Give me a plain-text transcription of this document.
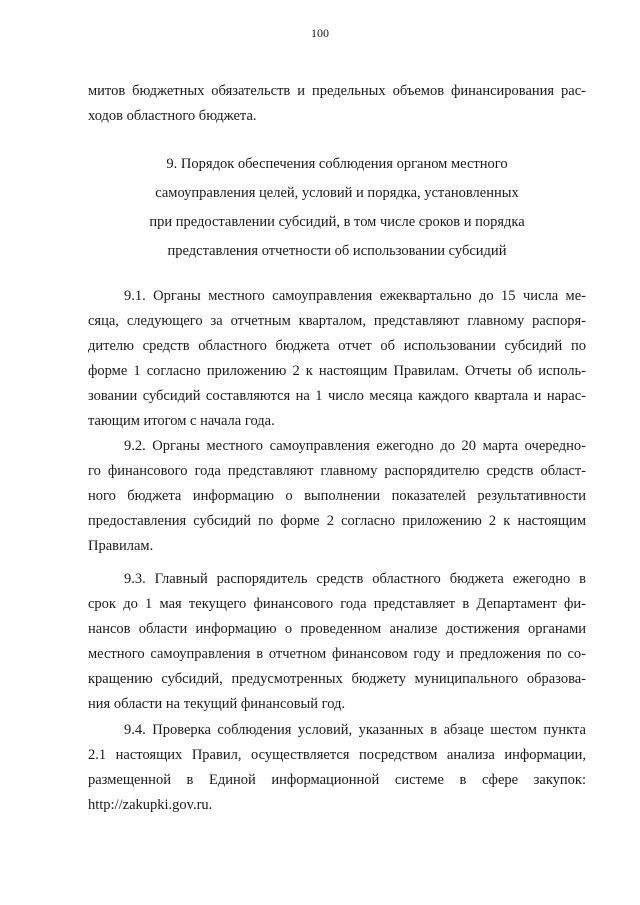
100
митов бюджетных обязательств и предельных объемов финансирования рас-
ходов областного бюджета.
9. Порядок обеспечения соблюдения органом местного
самоуправления целей, условий и порядка, установленных
при предоставлении субсидий, в том числе сроков и порядка
представления отчетности об использовании субсидий
9.1. Органы местного самоуправления ежеквартально до 15 числа ме-
сяца, следующего за отчетным кварталом, представляют главному распоря-
дителю средств областного бюджета отчет об использовании субсидий по
форме 1 согласно приложению 2 к настоящим Правилам. Отчеты об исполь-
зовании субсидий составляются на 1 число месяца каждого квартала и нарас-
тающим итогом с начала года.
9.2. Органы местного самоуправления ежегодно до 20 марта очередно-
го финансового года представляют главному распорядителю средств област-
ного бюджета информацию о выполнении показателей результативности
предоставления субсидий по форме 2 согласно приложению 2 к настоящим
Правилам.
9.3. Главный распорядитель средств областного бюджета ежегодно в
срок до 1 мая текущего финансового года представляет в Департамент фи-
нансов области информацию о проведенном анализе достижения органами
местного самоуправления в отчетном финансовом году и предложения по со-
кращению субсидий, предусмотренных бюджету муниципального образова-
ния области на текущий финансовый год.
9.4. Проверка соблюдения условий, указанных в абзаце шестом пункта
2.1 настоящих Правил, осуществляется посредством анализа информации,
размещенной в Единой информационной системе в сфере закупок:
http://zakupki.gov.ru.
